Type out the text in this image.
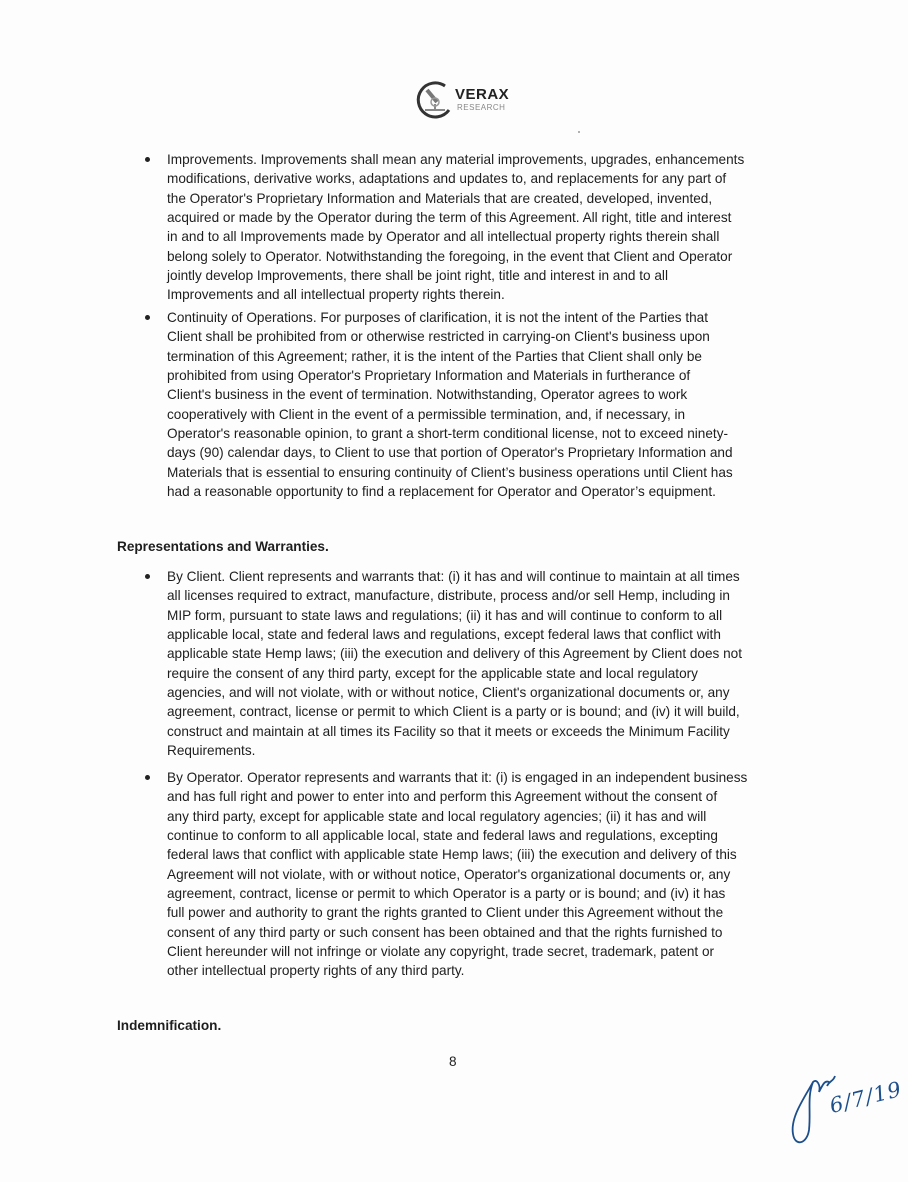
VERAX
RESEARCH
Improvements. Improvements shall mean any material improvements, upgrades, enhancements
modifications, derivative works, adaptations and updates to, and replacements for any part of
the Operator's Proprietary Information and Materials that are created, developed, invented,
acquired or made by the Operator during the term of this Agreement. All right, title and interest
in and to all Improvements made by Operator and all intellectual property rights therein shall
belong solely to Operator. Notwithstanding the foregoing, in the event that Client and Operator
jointly develop Improvements, there shall be joint right, title and interest in and to all
Improvements and all intellectual property rights therein.
Continuity of Operations. For purposes of clarification, it is not the intent of the Parties that
Client shall be prohibited from or otherwise restricted in carrying-on Client's business upon
termination of this Agreement; rather, it is the intent of the Parties that Client shall only be
prohibited from using Operator's Proprietary Information and Materials in furtherance of
Client's business in the event of termination. Notwithstanding, Operator agrees to work
cooperatively with Client in the event of a permissible termination, and, if necessary, in
Operator's reasonable opinion, to grant a short-term conditional license, not to exceed ninety-
days (90) calendar days, to Client to use that portion of Operator's Proprietary Information and
Materials that is essential to ensuring continuity of Client’s business operations until Client has
had a reasonable opportunity to find a replacement for Operator and Operator’s equipment.
Representations and Warranties.
By Client. Client represents and warrants that: (i) it has and will continue to maintain at all times
all licenses required to extract, manufacture, distribute, process and/or sell Hemp, including in
MIP form, pursuant to state laws and regulations; (ii) it has and will continue to conform to all
applicable local, state and federal laws and regulations, except federal laws that conflict with
applicable state Hemp laws; (iii) the execution and delivery of this Agreement by Client does not
require the consent of any third party, except for the applicable state and local regulatory
agencies, and will not violate, with or without notice, Client's organizational documents or, any
agreement, contract, license or permit to which Client is a party or is bound; and (iv) it will build,
construct and maintain at all times its Facility so that it meets or exceeds the Minimum Facility
Requirements.
By Operator. Operator represents and warrants that it: (i) is engaged in an independent business
and has full right and power to enter into and perform this Agreement without the consent of
any third party, except for applicable state and local regulatory agencies; (ii) it has and will
continue to conform to all applicable local, state and federal laws and regulations, excepting
federal laws that conflict with applicable state Hemp laws; (iii) the execution and delivery of this
Agreement will not violate, with or without notice, Operator's organizational documents or, any
agreement, contract, license or permit to which Operator is a party or is bound; and (iv) it has
full power and authority to grant the rights granted to Client under this Agreement without the
consent of any third party or such consent has been obtained and that the rights furnished to
Client hereunder will not infringe or violate any copyright, trade secret, trademark, patent or
other intellectual property rights of any third party.
Indemnification.
8
6/7/19
